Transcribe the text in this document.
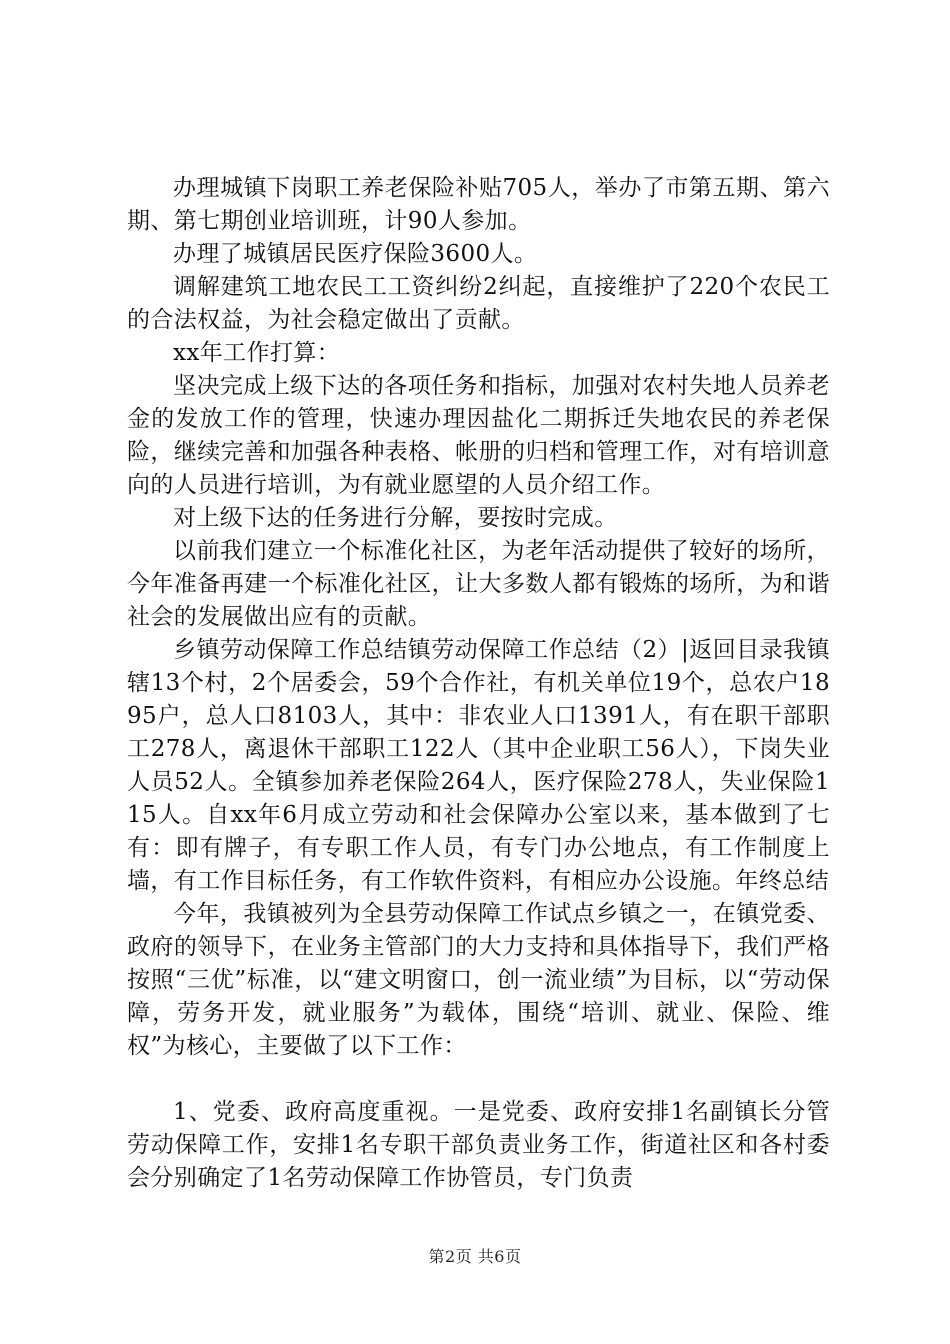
办理城镇下岗职工养老保险补贴705人，举办了市第五期、第六期、第七期创业培训班，计90人参加。

办理了城镇居民医疗保险3600人。

调解建筑工地农民工工资纠纷2纠起，直接维护了220个农民工的合法权益，为社会稳定做出了贡献。

xx年工作打算：

坚决完成上级下达的各项任务和指标，加强对农村失地人员养老金的发放工作的管理，快速办理因盐化二期拆迁失地农民的养老保险，继续完善和加强各种表格、帐册的归档和管理工作，对有培训意向的人员进行培训，为有就业愿望的人员介绍工作。

对上级下达的任务进行分解，要按时完成。

以前我们建立一个标准化社区，为老年活动提供了较好的场所，今年准备再建一个标准化社区，让大多数人都有锻炼的场所，为和谐社会的发展做出应有的贡献。

乡镇劳动保障工作总结镇劳动保障工作总结（2）|返回目录我镇辖13个村，2个居委会，59个合作社，有机关单位19个，总农户1895户，总人口8103人，其中：非农业人口1391人，有在职干部职工278人，离退休干部职工122人（其中企业职工56人），下岗失业人员52人。全镇参加养老保险264人，医疗保险278人，失业保险115人。自xx年6月成立劳动和社会保障办公室以来，基本做到了七有：即有牌子，有专职工作人员，有专门办公地点，有工作制度上墙，有工作目标任务，有工作软件资料，有相应办公设施。年终总结

今年，我镇被列为全县劳动保障工作试点乡镇之一，在镇党委、政府的领导下，在业务主管部门的大力支持和具体指导下，我们严格按照“三优”标准，以“建文明窗口，创一流业绩”为目标，以“劳动保障，劳务开发，就业服务”为载体，围绕“培训、就业、保险、维权”为核心，主要做了以下工作：

1、党委、政府高度重视。一是党委、政府安排1名副镇长分管劳动保障工作，安排1名专职干部负责业务工作，街道社区和各村委会分别确定了1名劳动保障工作协管员，专门负责

第2页 共6页
